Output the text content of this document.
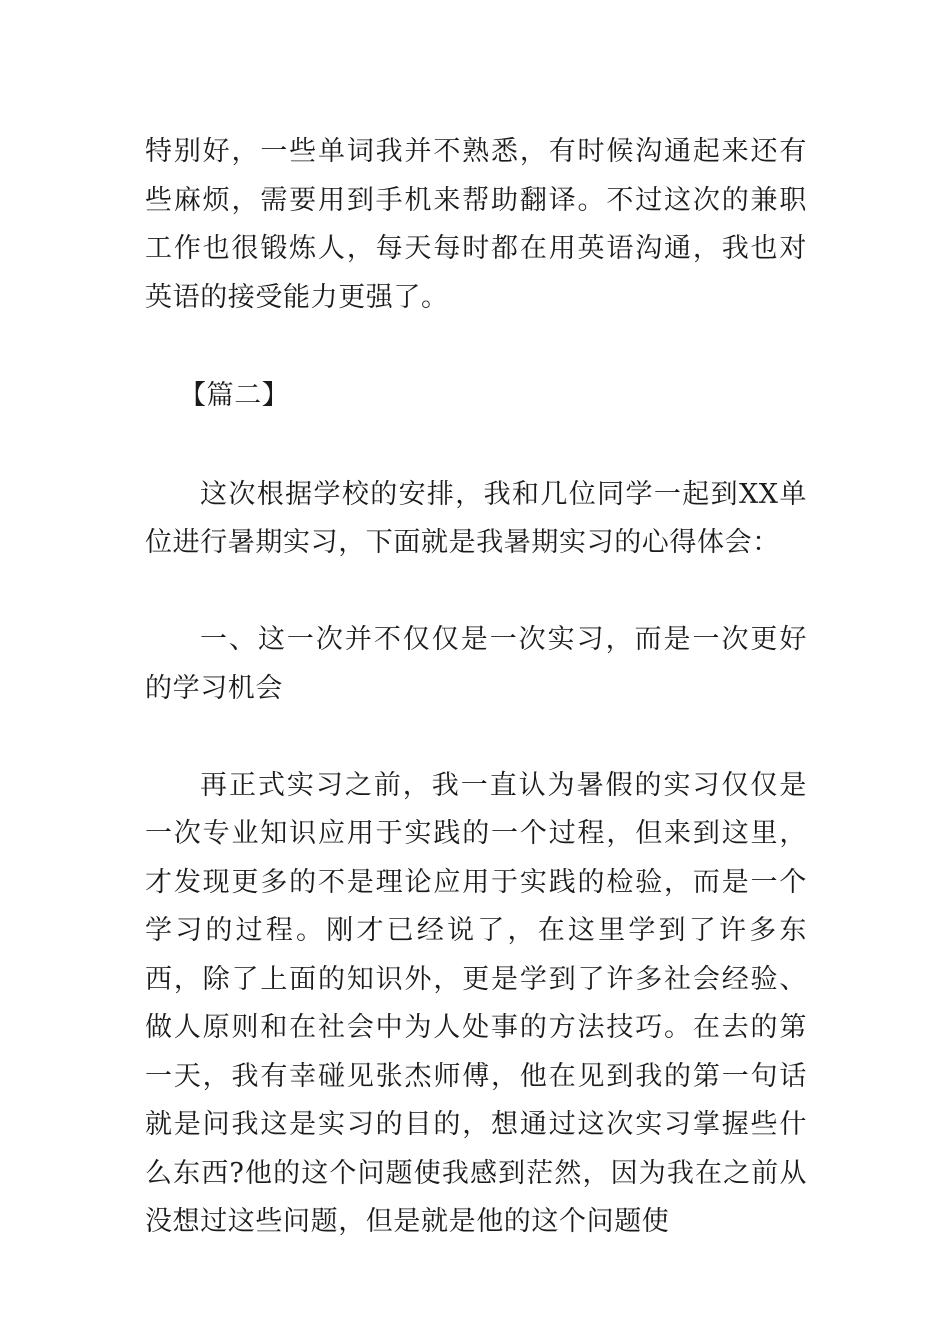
特别好，一些单词我并不熟悉，有时候沟通起来还有些麻烦，需要用到手机来帮助翻译。不过这次的兼职工作也很锻炼人，每天每时都在用英语沟通，我也对英语的接受能力更强了。

【篇二】

这次根据学校的安排，我和几位同学一起到XX单位进行暑期实习，下面就是我暑期实习的心得体会：

一、这一次并不仅仅是一次实习，而是一次更好的学习机会

再正式实习之前，我一直认为暑假的实习仅仅是一次专业知识应用于实践的一个过程，但来到这里，才发现更多的不是理论应用于实践的检验，而是一个学习的过程。刚才已经说了，在这里学到了许多东西，除了上面的知识外，更是学到了许多社会经验、做人原则和在社会中为人处事的方法技巧。在去的第一天，我有幸碰见张杰师傅，他在见到我的第一句话就是问我这是实习的目的，想通过这次实习掌握些什么东西?他的这个问题使我感到茫然，因为我在之前从没想过这些问题，但是就是他的这个问题使
